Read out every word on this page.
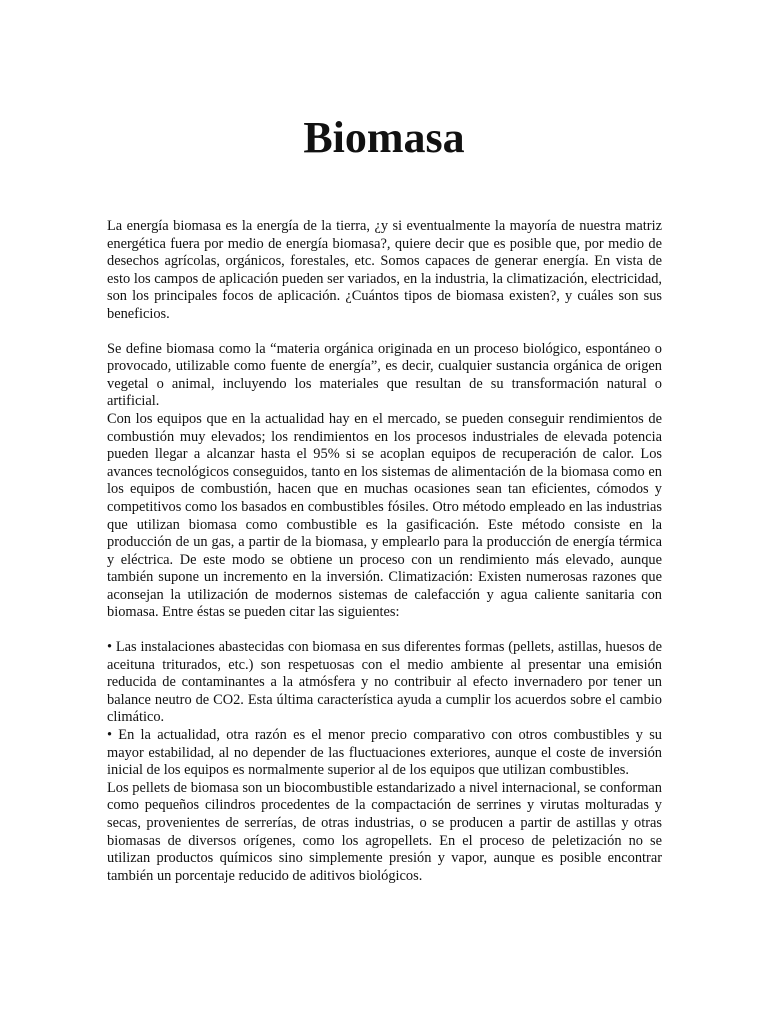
Biomasa

La energía biomasa es la energía de la tierra, ¿y si eventualmente la mayoría de nuestra matriz energética fuera por medio de energía biomasa?, quiere decir que es posible que, por medio de desechos agrícolas, orgánicos, forestales, etc. Somos capaces de generar energía. En vista de esto los campos de aplicación pueden ser variados, en la industria, la climatización, electricidad, son los principales focos de aplicación. ¿Cuántos tipos de biomasa existen?, y cuáles son sus beneficios.

Se define biomasa como la “materia orgánica originada en un proceso biológico, espontáneo o provocado, utilizable como fuente de energía”, es decir, cualquier sustancia orgánica de origen vegetal o animal, incluyendo los materiales que resultan de su transformación natural o artificial.

Con los equipos que en la actualidad hay en el mercado, se pueden conseguir rendimientos de combustión muy elevados; los rendimientos en los procesos industriales de elevada potencia pueden llegar a alcanzar hasta el 95% si se acoplan equipos de recuperación de calor. Los avances tecnológicos conseguidos, tanto en los sistemas de alimentación de la biomasa como en los equipos de combustión, hacen que en muchas ocasiones sean tan eficientes, cómodos y competitivos como los basados en combustibles fósiles. Otro método empleado en las industrias que utilizan biomasa como combustible es la gasificación. Este método consiste en la producción de un gas, a partir de la biomasa, y emplearlo para la producción de energía térmica y eléctrica. De este modo se obtiene un proceso con un rendimiento más elevado, aunque también supone un incremento en la inversión. Climatización: Existen numerosas razones que aconsejan la utilización de modernos sistemas de calefacción y agua caliente sanitaria con biomasa. Entre éstas se pueden citar las siguientes:

• Las instalaciones abastecidas con biomasa en sus diferentes formas (pellets, astillas, huesos de aceituna triturados, etc.) son respetuosas con el medio ambiente al presentar una emisión reducida de contaminantes a la atmósfera y no contribuir al efecto invernadero por tener un balance neutro de CO2. Esta última característica ayuda a cumplir los acuerdos sobre el cambio climático.

• En la actualidad, otra razón es el menor precio comparativo con otros combustibles y su mayor estabilidad, al no depender de las fluctuaciones exteriores, aunque el coste de inversión inicial de los equipos es normalmente superior al de los equipos que utilizan combustibles.

Los pellets de biomasa son un biocombustible estandarizado a nivel internacional, se conforman como pequeños cilindros procedentes de la compactación de serrines y virutas molturadas y secas, provenientes de serrerías, de otras industrias, o se producen a partir de astillas y otras biomasas de diversos orígenes, como los agropellets. En el proceso de peletización no se utilizan productos químicos sino simplemente presión y vapor, aunque es posible encontrar también un porcentaje reducido de aditivos biológicos.
